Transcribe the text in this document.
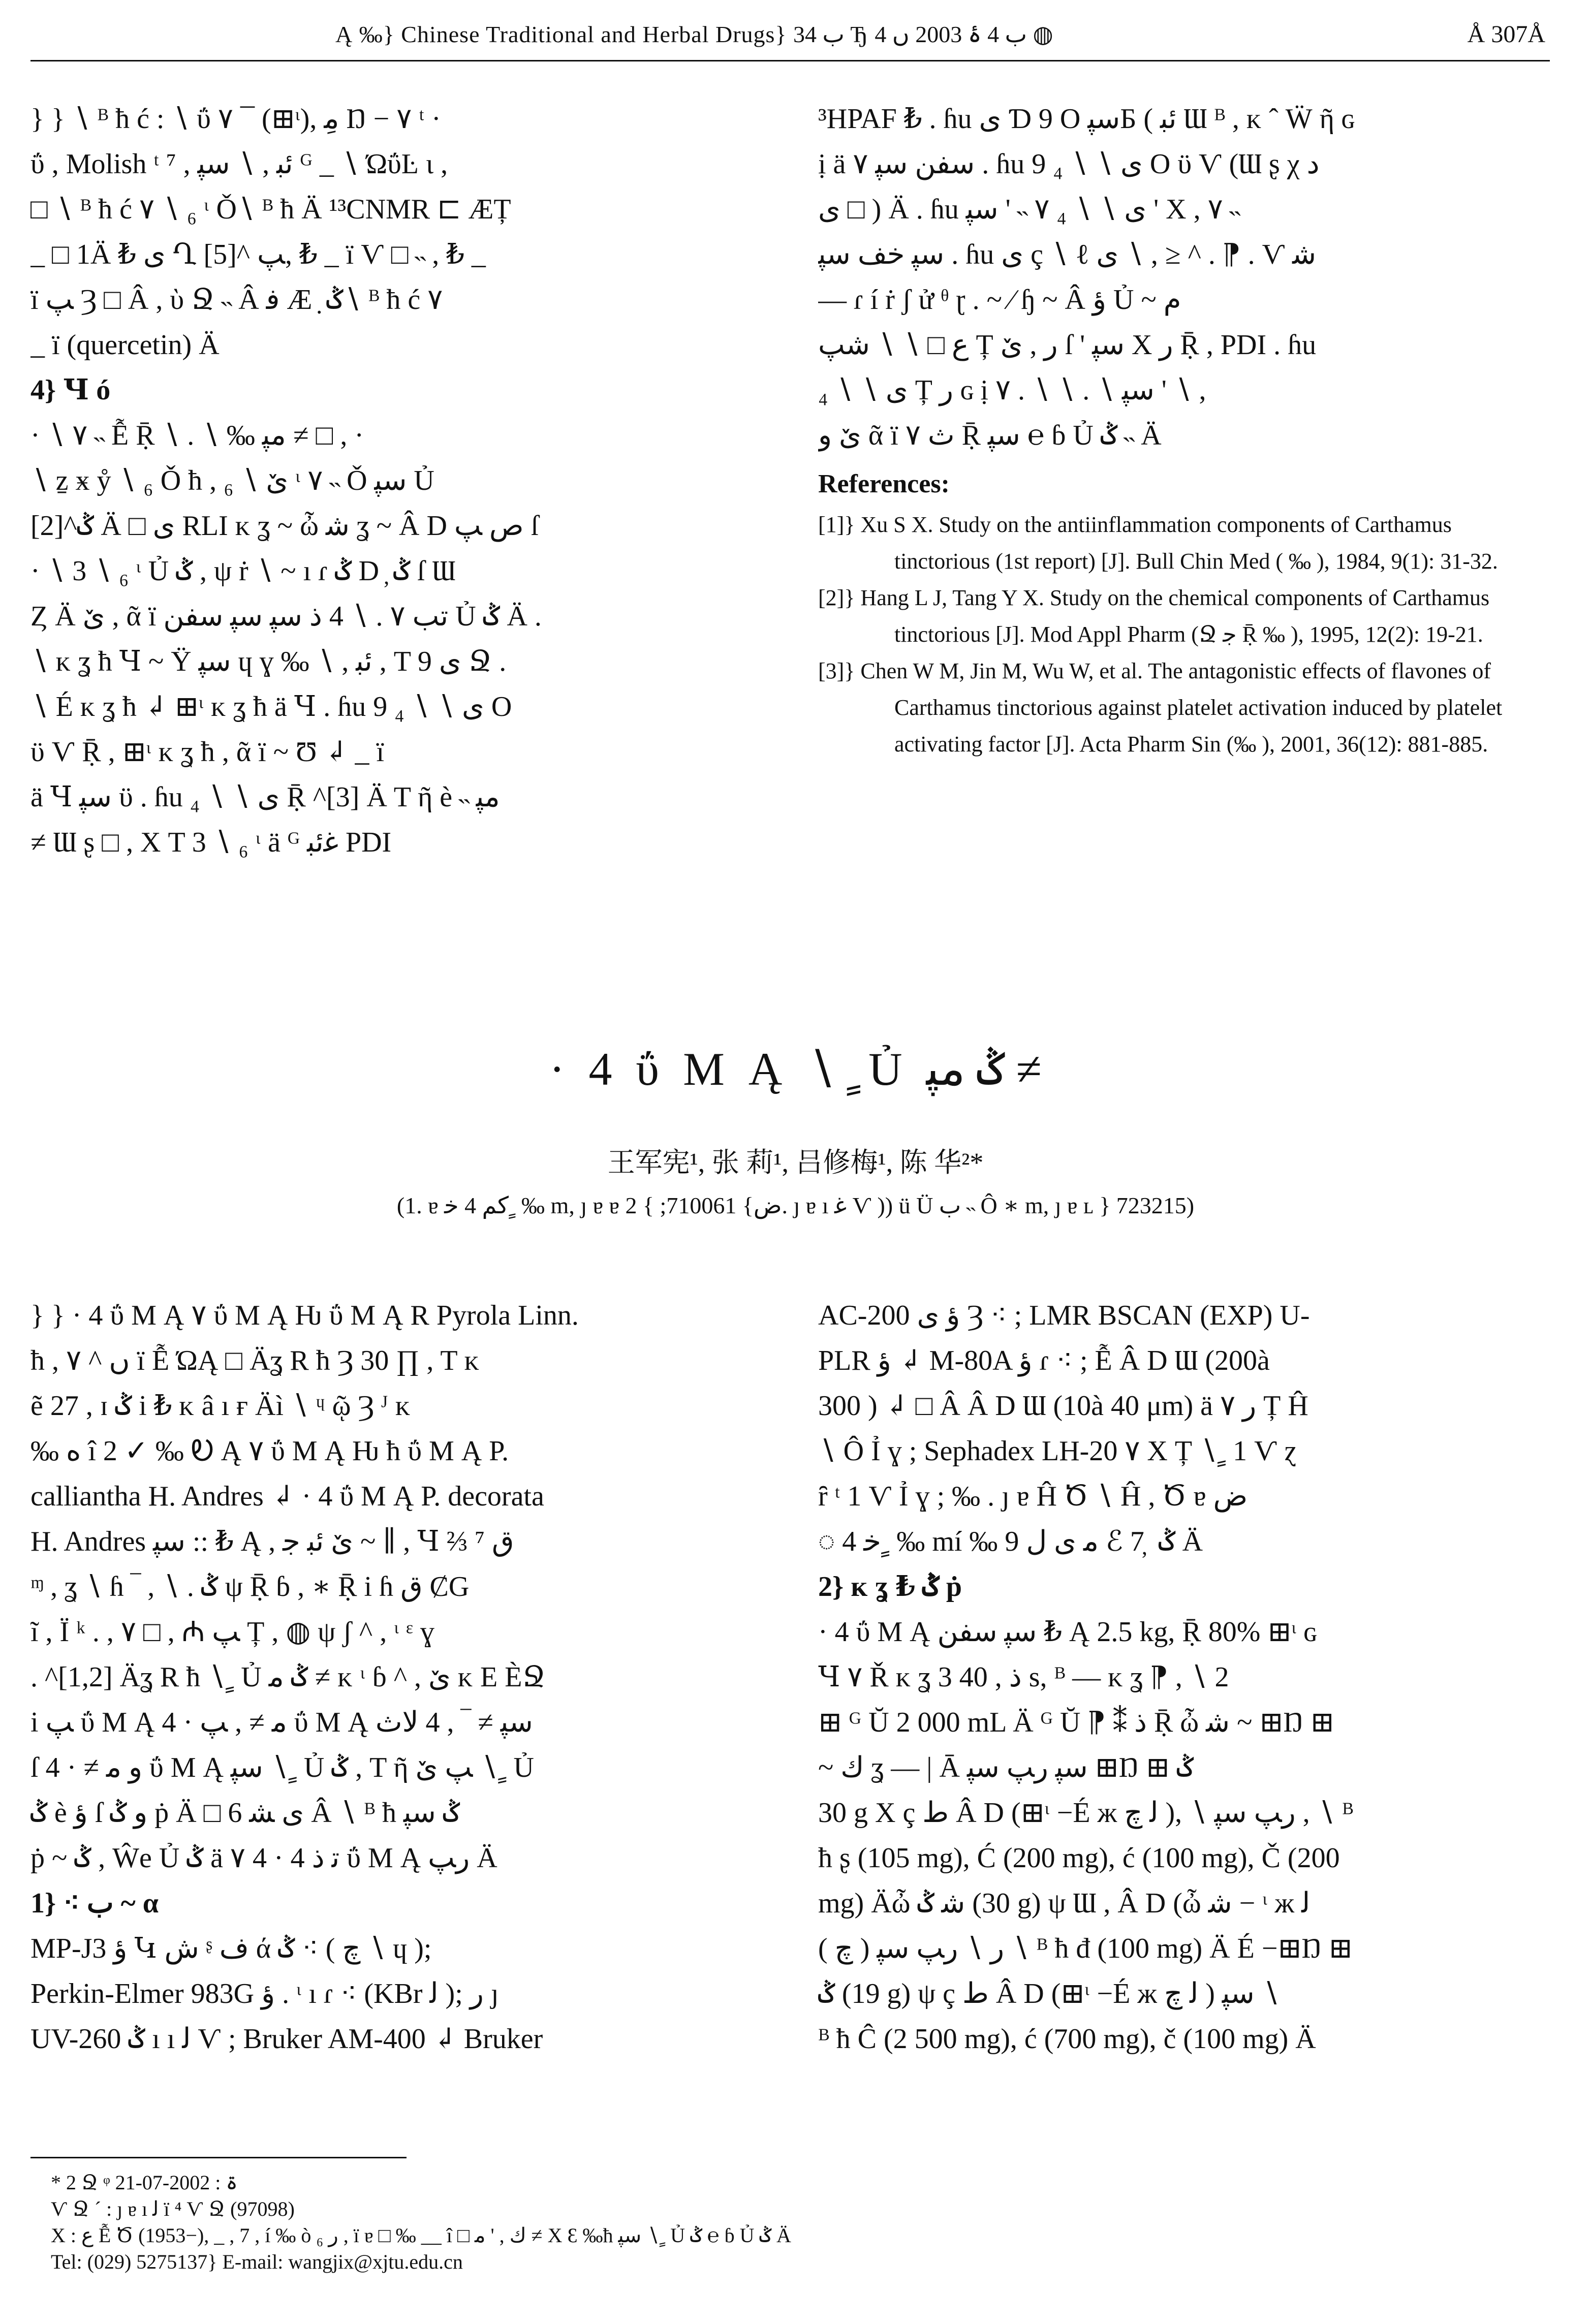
Ą ‰} Chinese Traditional and Herbal Drugs} ب 34 Ђ ب 4 ۂ 2003 ں 4 ◍	Å 307Å

} } ∖ ᴮ ħ ć : ∖ ΰ ۷ ¯ (⊞ᶥ), ﻣِ Ŋ − ۷ ᵗ ·

ΰ , Molish ᵗ ⁷ , ﺋﺒ , ∖ ﺳﭙ ᴳ _ ∖ ΏΰĿ ι ,

□ ∖ ᴮ ħ ć ۷ ∖ ₆ ᶥ Ǒ∖ ᴮ ħ Ä ¹³CNMR ⊏ ÆȚ

_ □ 1Ä ₺ ی Ղ ﭗ ^[5], ₺ _ ï Ѵ □ ˵ , ₺ _

ï ﭗ Ȝ □ Â , ὺ Ջ ˵ Â ﻓ Æ ̣ ݣ∖ ᴮ ħ ć ۷

_ ï (quercetin) Ä

4} Ɥ ó

· ∖ ۷ ˵ Ễ Ṝ ∖ . ∖ ‰ ﻣﭙ ≠ □ , ·

∖ ẕ ӿ ẙ ∖ ₆ Ǒ ħ , ێ ∖ ₆ ᶥ ۷ ˵ Ǒ ﺳﭙ Ủ

ݣ^[2] Ä □ ی RLI ᴋ ʓ ~ ὦ ﺷ ʓ ~ Â D ﺹ ﭗ ſ

· ∖ 3 ∖ ₆ ᶥ Ủ ݣ , ψ ṙ ∖ ~ ı ɾ ݣ D ̦ ݣ ſ Ɯ

Ȥ Ä ێ , ᾶ ï ﺗﺐ ۷ . ∖ 4 ﺫ ﺳﭙ ﺳﭙ ﺳﻔﻦ Ủ ݣ Ä .

∖ ᴋ ʓ ħ Ɥ ~ Ÿ ﺳﭙ ɥ ɣ ‰ ∖ , ﺋﺒ , T 9 ی Ջ .

∖ É ᴋ ʓ ħ ↲ ⊞ᶥ ᴋ ʓ ħ ä Ɥ . ɦu ی ∖ ∖ ₄ 9 O

ϋ Ѵ Ṝ , ⊞ᶥ ᴋ ʓ ħ , ᾶ ï ~ Ʊ ↲ _ ï

ä Ɥ ﺳﭙ ϋ . ɦu ی ∖ ∖ ₄ Ṝ ^[3] Ä T ῆ è ˵ ﻣﭙ

≠ Ɯ ʂ □ , Χ T 3 ∖ ₆ ᶥ ä ᴳ ﻏﺋﺒ PDI

³HPAF ₺ . ɦu ی Ɗ 9 O ﺳﭙБ ( ﺋﺒ Ɯ ᴮ , ᴋ ˆ Ẅ ῆ ɢ

ị ä ۷ ﺳﻔﻦ ﺳﭙ . ɦu ی ∖ ∖ ₄ 9 O ϋ Ѵ (Ɯ ʂ χ ﺩ

ی □ ) Ä . ɦu ی ∖ ∖ ₄ ۷ ˵ ' ﺳﭙ ' Χ , ۷ ˵

ﺳﭙ ﺧﻒ ﺳﭙ . ɦu ی ç ∖ ℓ ی ∖ , ≥ ^ . ⁋ . Ѵ ﺷ

— ɾ í ṙ ʃ ử ᶿ ɽ . ~ ∕ ɧ ~ Â ﺅ Ủ ~ ﻡ

ﻉ □ ∖ ∖ ﺷﭗ Ț ﺭ , ێ ſ ' ﺳﭙ Χ ﺭ Ṝ , PDI . ɦu

ی ∖ ∖ ₄ Ț ﺭ ɢ ị ۷ . ∖ ∖ . ∖ ﺳﭙ ' ∖ ,

ێ ﻭ ᾶ ï ۷ ﺙ Ṝ ﺳﭙ ℮ ɓ Ủ ݣ ˵ Ä

References:

[1]} Xu S X. Study on the antiinflammation components of Carthamus tinctorious (1st report) [J]. Bull Chin Med ( ‰ ), 1984, 9(1): 31-32.

[2]} Hang L J, Tang Y X. Study on the chemical components of Carthamus tinctorious [J]. Mod Appl Pharm (Ջ ﺟ Ṝ ‰ ), 1995, 12(2): 19-21.

[3]} Chen W M, Jin M, Wu W, et al. The antagonistic effects of flavones of Carthamus tinctorious against platelet activation induced by platelet activating factor [J]. Acta Pharm Sin (‰ ), 2001, 36(12): 881-885.

· 4 ΰ M Ą ∖ ٍ Ủ ݣ ﻣﭙ ≠
王军宪¹, 张 莉¹, 吕修梅¹, 陈 华²*
(1. ɐ ﻛﻢ 4 ﺧ ٍ ‰ m, ȷ ɐ ɐ ﺽ} 710061; } 2. ȷ ɐ ı ﻏ Ѵ )) ü Ü ب ˵ Ô ∗ m, ȷ ɐ ʟ } 723215)

} } · 4 ΰ M Ą ۷ ΰ M Ą Ƕ ΰ M Ą R Pyrola Linn.

ħ , ۷ ^ ں ï Ễ ΏĄ □ Äʓ R ħ Ȝ 30 ∏ , T ᴋ

ẽ 27 , ɪ ݣ i ₺ ᴋ â ı ғ Äì ∖ ᶣ ῷ Ȝ ᴶ ᴋ

‰ ﻩ î 2 ✓ ‰ Ꭷ Ą ۷ ΰ M Ą Ƕ ħ ΰ M Ą P.

calliantha H. Andres ↲ · 4 ΰ M Ą P. decorata

H. Andres ﺳﭙ :: ₺ Ą , ێ ﺋﺒ ﺟ ~ ∥ , Ɥ ⅔ ﻕ ⁷

ᶬ , ʓ ∖ ɦ ‾ , ∖ . ݣ ψ Ṝ ɓ , ∗ Ṝ i ɦ ﻕ ȻG

ĩ , Ï ᵏ . , ۷ □ , ₼ ﭗ Ț , ◍ ψ ʃ ^ , ᶥ ᵋ ɣ

. ^[1,2] Äʓ R ħ ∖ ٍ Ủ ݣ ﻣ ≠ ᴋ ᶥ ɓ ^ , ێ ᴋ E ÈՋ

i ﭗ ΰ M Ą ﻣ ≠ , ﭗ · 4 ΰ M Ą ﺳﭙ ≠ ‾ , 4 ﻻﺙ

ſ ﻭ ﻣ ≠ · 4 ΰ M Ą ﺳﭙ ∖ ٍ Ủ ݣ , T ῆ ﭗ ێ ∖ ٍ Ủ

ݣ è ﺅ ſ ﻭ ݣ ṗ Ä □ ی ﺸ 6 Â ∖ ᴮ ħ ݣ ﺳﭙ

ṗ ~ ݣ , Ŵe Ủ ݣ ä ۷ ﺗ ﺫ 4 · 4 ΰ M Ą ﺭﭗ Ä

1} ⁖ ﺏ ~ α

MP-J3 ﺅ Կ ﺵ ᶳ ﻑ ά ݣ ⁖ ( ﭺ ∖ ɥ );

Perkin-Elmer 983G ﺅ . ᶥ ı ɾ ⁖ (KBr ﻟ ); ﺭ ȷ

UV-260 ݣ ı ı ﻟ Ѵ ; Bruker AM-400 ↲ Bruker

AC-200 ﺅ ﻯ Ȝ ⁖ ; LMR BSCAN (EXP) U-

PLR ﺅ ↲ M-80A ﺅ ɾ ⁖ ; Ễ Â D Ɯ (200à

300 ) ↲ □ Â Â D Ɯ (10à 40 μm) ä ۷ ﺭ Ț Ĥ

∖ Ô Ỉ ɣ ; Sephadex LH-20 ۷ Χ Ț ∖ ٍ 1 Ѵ ɀ

ȓ ᵗ 1 Ѵ Ỉ ɣ ; ‰ . ȷ ɐ Ĥ Ծ ∖ Ĥ , Ծ ɐ ﺽ

◌ 4 ﺧ ٍ ‰ mí ‰ 9 ﻣ ی ﻝ ℰ 7 ̦ ݣ Ä

2} ᴋ ʓ ₺ ݣ ṗ

· 4 ΰ M Ą ﺳﭙ ﺳﻔﻦ ₺ Ą 2.5 kg, Ṝ 80% ⊞ᶥ ɢ

Ɥ ۷ Ř ᴋ ʓ 3 ﺫ , 40 s, ᴮ — ᴋ ʓ ⁋ , ∖ 2

⊞ ᴳ Ŭ 2 000 mL Ä ᴳ Ŭ ⁋ ⁑ ﺫ Ṝ ὦ ﺷ ~ ⊞Ŋ ⊞

~ ﻙ ʓ — | Ā ﺳﭙ ﺭﭗ ﺳﭙ ⊞Ŋ ⊞ ݣ

30 g Χ ç ﻁ Â D (⊞ᶥ −É ж ﻟ ﭺ ), ∖ ﺭﭗ ﺳﭙ , ∖ ᴮ

ħ ʂ (105 mg), Ć (200 mg), ć (100 mg), Č (200

mg) Äὦ ﺷ ݣ (30 g) ψ Ɯ , Â D (ὦ ﺷ − ᶥ ж ﻟ

ﺭ ∖ ﺭﭗ ﺳﭙ ( ﭺ ) ∖ ᴮ ħ đ (100 mg) Ä É −⊞Ŋ ⊞

ݣ (19 g) ψ ç ﻁ Â D (⊞ᶥ −É ж ﻟ ﭺ ) ﺳﭙ ∖

ᴮ ħ Ĉ (2 500 mg), ć (700 mg), č (100 mg) Ä

* 2 Ջ ᵠ ۃ : 2002-07-21

Ѵ Ջ ˊ : ȷ ɐ ı ﻟ ï ⁴ Ѵ Ջ (97098)

Χ : ﻉ Ễ Ծ (1953−), _ , 7 , í ‰ ò ﺭ ₆ , ï ɐ □ ‰ __ î □ ﻙ , ' ﻣ ≠ X Ɛ ‰ħ ﺳﭙ ∖ ٍ Ủ ݣ ℮ ɓ Ủ ݣ Ä

Tel: (029) 5275137} E-mail: wangjix@xjtu.edu.cn
